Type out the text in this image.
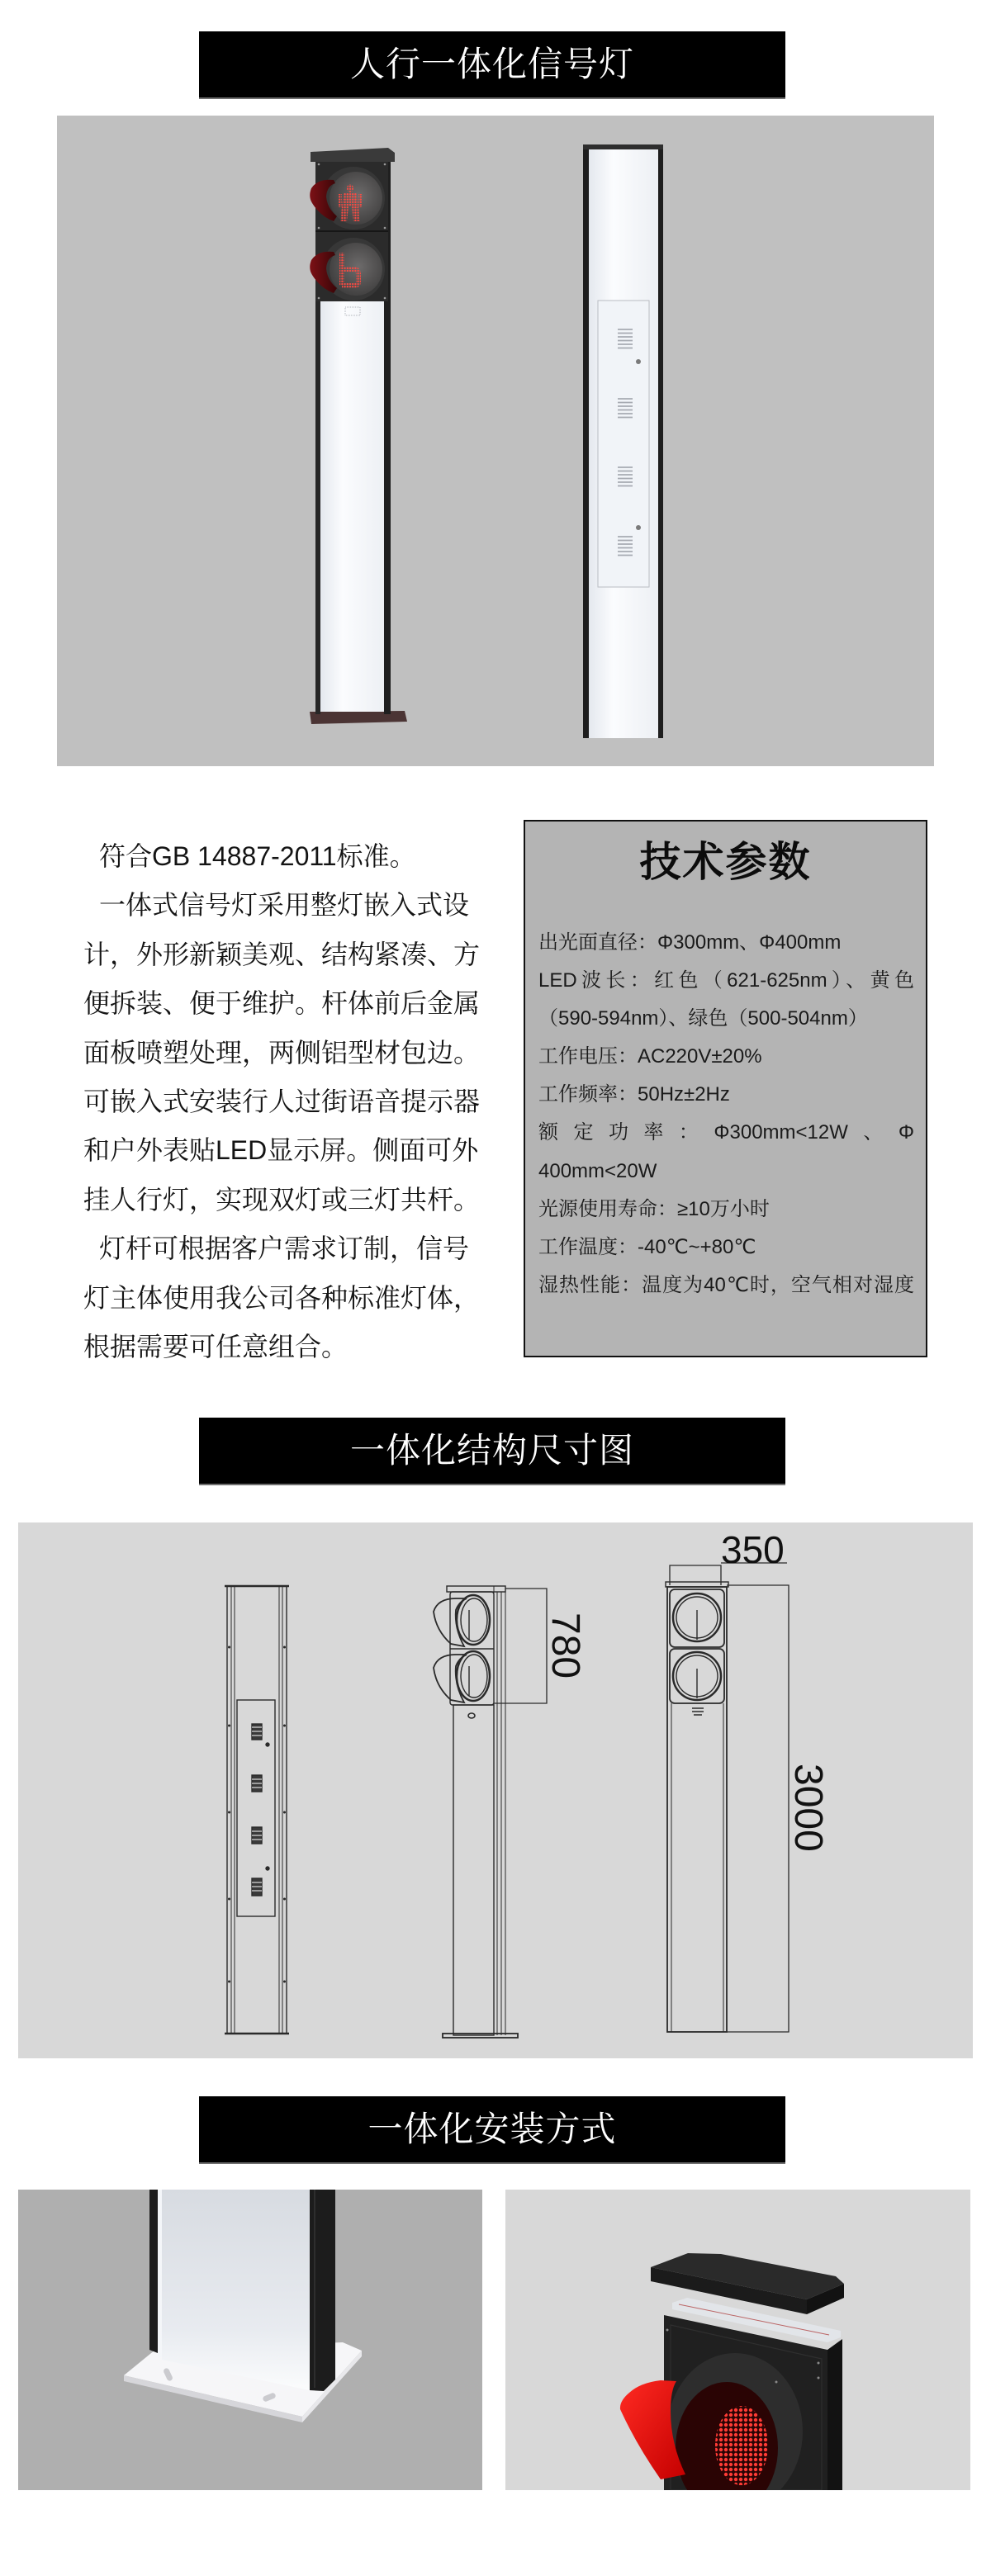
人行一体化信号灯
符合GB 14887-2011标准。
一体式信号灯采用整灯嵌入式设
计，外形新颖美观、结构紧凑、方
便拆装、便于维护。杆体前后金属
面板喷塑处理，两侧铝型材包边。
可嵌入式安装行人过街语音提示器
和户外表贴LED显示屏。侧面可外
挂人行灯，实现双灯或三灯共杆。
灯杆可根据客户需求订制，信号
灯主体使用我公司各种标准灯体，
根据需要可任意组合。
技术参数
出光面直径：Φ300mm、Φ400mm
LED波长：红色（621-625nm）、黄色
（590-594nm）、绿色（500-504nm）
工作电压：AC220V±20%
工作频率：50Hz±2Hz
额定功率：Φ300mm<12W、Φ
400mm<20W
光源使用寿命：≥10万小时
工作温度：-40℃~+80℃
湿热性能：温度为40℃时，空气相对湿度
一体化结构尺寸图
350
780
3000
一体化安装方式
